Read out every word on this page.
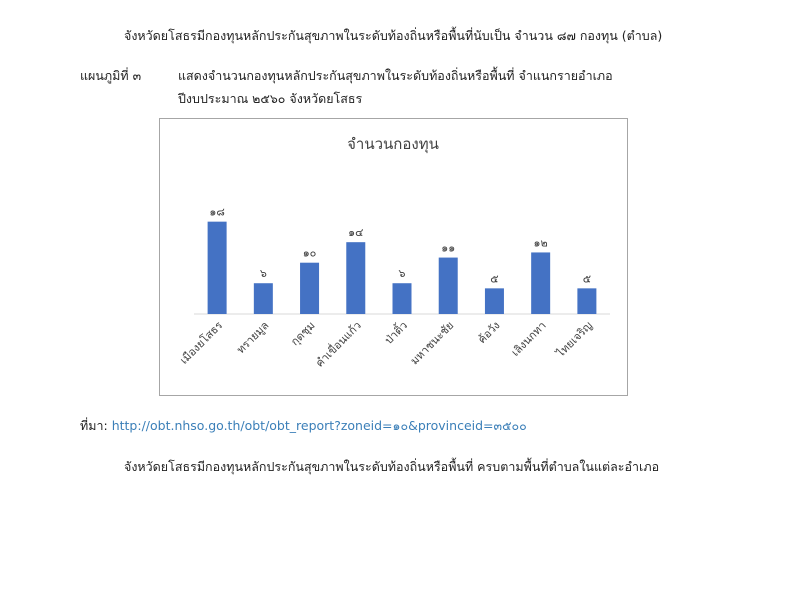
จังหวัดยโสธรมีกองทุนหลักประกันสุขภาพในระดับท้องถิ่นหรือพื้นที่นับเป็น จำนวน ๘๗ กองทุน (ตำบล)
แผนภูมิที่ ๓	แสดงจำนวนกองทุนหลักประกันสุขภาพในระดับท้องถิ่นหรือพื้นที่ จำแนกรายอำเภอ
ปีงบประมาณ ๒๕๖๐ จังหวัดยโสธร
จำนวนกองทุน
๑๘
เมืองยโสธร
๖
ทรายมูล
๑๐
กุดชุม
๑๔
คำเขื่อนแก้ว
๖
ป่าติ้ว
๑๑
มหาชนะชัย
๕
ค้อวัง
๑๒
เลิงนกทา
๕
ไทยเจริญ
ที่มา: http://obt.nhso.go.th/obt/obt_report?zoneid=๑๐&provinceid=๓๕๐๐
จังหวัดยโสธรมีกองทุนหลักประกันสุขภาพในระดับท้องถิ่นหรือพื้นที่ ครบตามพื้นที่ตำบลในแต่ละอำเภอ
